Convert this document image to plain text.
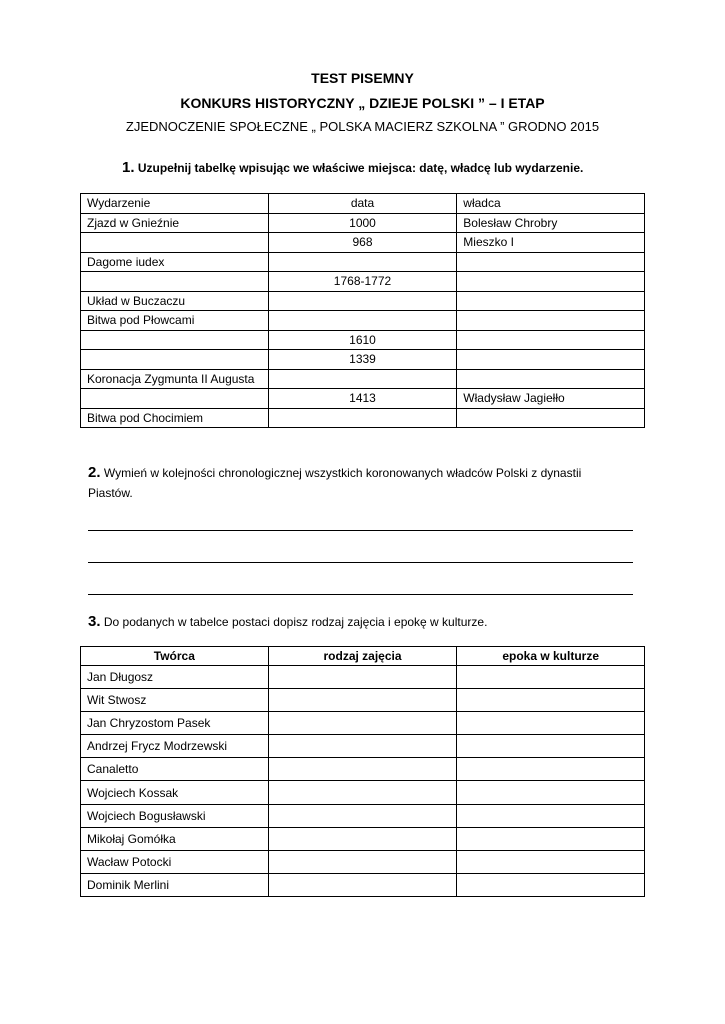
TEST PISEMNY
KONKURS HISTORYCZNY „ DZIEJE POLSKI ” – I ETAP
ZJEDNOCZENIE SPOŁECZNE „ POLSKA MACIERZ SZKOLNA ” GRODNO 2015
1. Uzupełnij tabelkę wpisując we właściwe miejsca: datę, władcę lub wydarzenie.
Wydarzenie	data	władca
Zjazd w Gnieźnie	1000	Bolesław Chrobry
	968	Mieszko I
Dagome iudex		
	1768-1772	
Układ w Buczaczu		
Bitwa pod Płowcami		
	1610	
	1339	
Koronacja Zygmunta II Augusta		
	1413	Władysław Jagiełło
Bitwa pod Chocimiem		
2. Wymień w kolejności chronologicznej wszystkich koronowanych władców Polski z dynastii Piastów.
3. Do podanych w tabelce postaci dopisz rodzaj zajęcia i epokę w kulturze.
Twórca	rodzaj zajęcia	epoka w kulturze
Jan Długosz		
Wit Stwosz		
Jan Chryzostom Pasek		
Andrzej Frycz Modrzewski		
Canaletto		
Wojciech Kossak		
Wojciech Bogusławski		
Mikołaj Gomółka		
Wacław Potocki		
Dominik Merlini		
